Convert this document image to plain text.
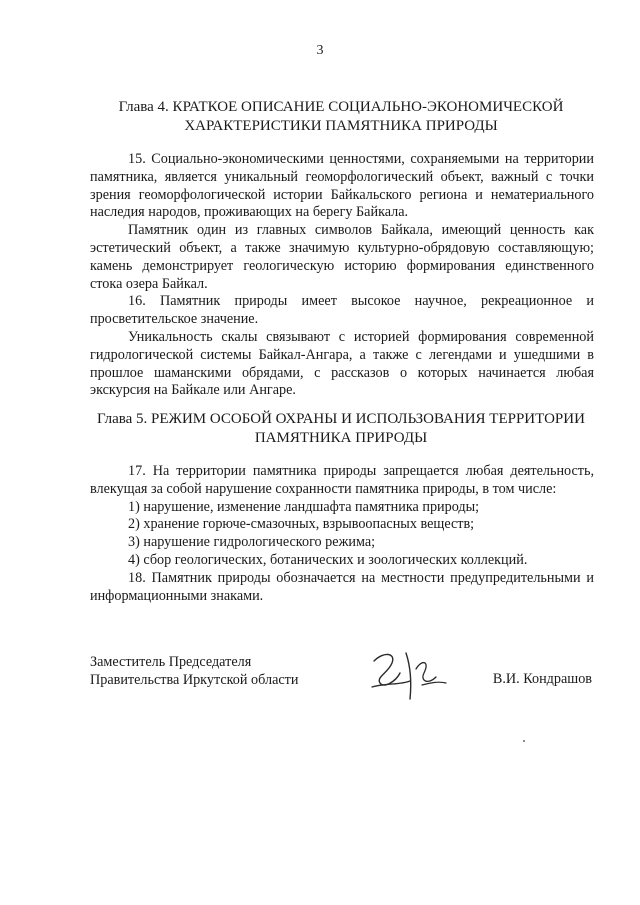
3
Глава 4. КРАТКОЕ ОПИСАНИЕ СОЦИАЛЬНО-ЭКОНОМИЧЕСКОЙ
ХАРАКТЕРИСТИКИ ПАМЯТНИКА ПРИРОДЫ

15. Социально-экономическими ценностями, сохраняемыми на территории памятника, является уникальный геоморфологический объект, важный с точки зрения геоморфологической истории Байкальского региона и нематериального наследия народов, проживающих на берегу Байкала.

Памятник один из главных символов Байкала, имеющий ценность как эстетический объект, а также значимую культурно-обрядовую составляющую; камень демонстрирует геологическую историю формирования единственного стока озера Байкал.

16. Памятник природы имеет высокое научное, рекреационное и просветительское значение.

Уникальность скалы связывают с историей формирования современной гидрологической системы Байкал-Ангара, а также с легендами и ушедшими в прошлое шаманскими обрядами, с рассказов о которых начинается любая экскурсия на Байкале или Ангаре.

Глава 5. РЕЖИМ ОСОБОЙ ОХРАНЫ И ИСПОЛЬЗОВАНИЯ ТЕРРИТОРИИ
ПАМЯТНИКА ПРИРОДЫ

17. На территории памятника природы запрещается любая деятельность, влекущая за собой нарушение сохранности памятника природы, в том числе:

1) нарушение, изменение ландшафта памятника природы;

2) хранение горюче-смазочных, взрывоопасных веществ;

3) нарушение гидрологического режима;

4) сбор геологических, ботанических и зоологических коллекций.

18. Памятник природы обозначается на местности предупредительными и информационными знаками.

Заместитель Председателя
Правительства Иркутской области	В.И. Кондрашов
